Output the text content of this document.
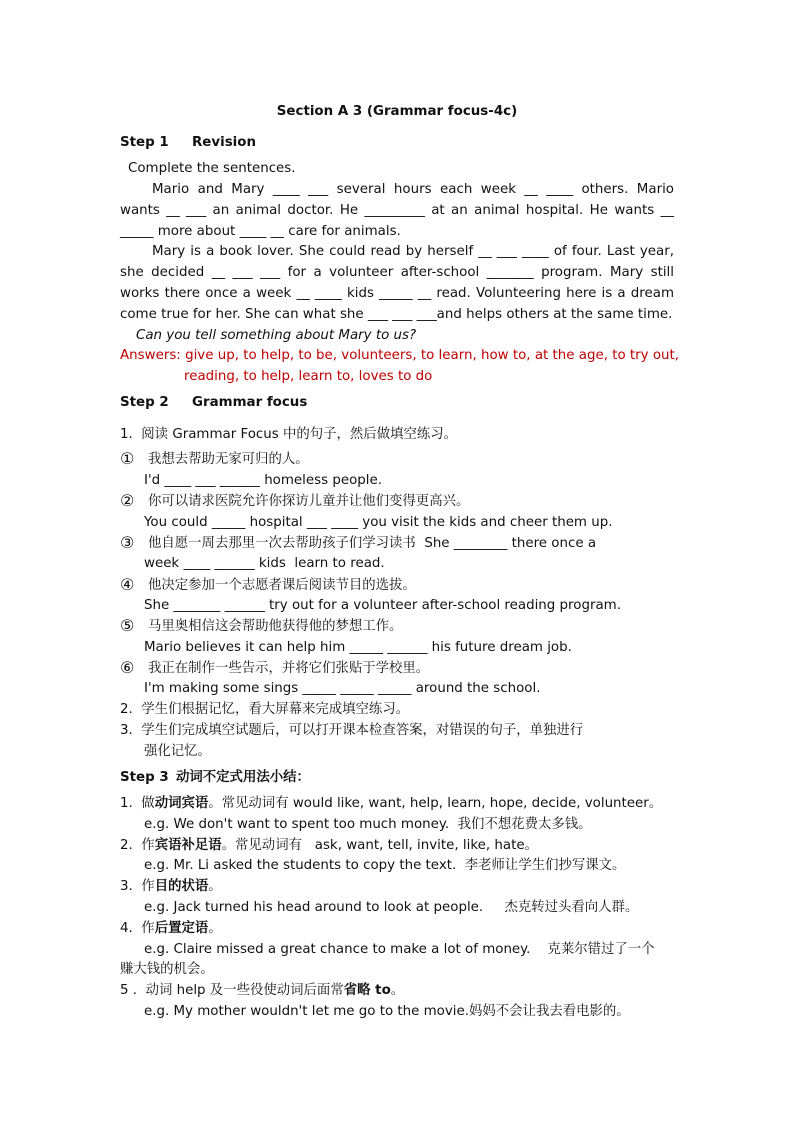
Section A 3 (Grammar focus-4c)
Step 1     Revision
Complete the sentences.
Mario and Mary ____ ___ several hours each week __ ____ others. Mario
wants __ ___ an animal doctor. He _________ at an animal hospital. He wants __
_____ more about ____ __ care for animals.
Mary is a book lover. She could read by herself __ ___ ____ of four. Last year,
she decided __ ___ ___ for a volunteer after-school _______ program. Mary still
works there once a week __ ____ kids _____ __ read. Volunteering here is a dream
come true for her. She can what she ___ ___ ___and helps others at the same time.
Can you tell something about Mary to us?
Answers: give up, to help, to be, volunteers, to learn, how to, at the age, to try out,
reading, to help, learn to, loves to do
Step 2     Grammar focus
1.  阅读 Grammar Focus 中的句子，然后做填空练习。
① 我想去帮助无家可归的人。
I'd ____ ___ ______ homeless people.
② 你可以请求医院允许你探访儿童并让他们变得更高兴。
You could _____ hospital ___ ____ you visit the kids and cheer them up.
③ 他自愿一周去那里一次去帮助孩子们学习读书  She ________ there once a
week ____ ______ kids  learn to read.
④ 他决定参加一个志愿者课后阅读节目的选拔。
She _______ ______ try out for a volunteer after-school reading program.
⑤ 马里奥相信这会帮助他获得他的梦想工作。
Mario believes it can help him _____ ______ his future dream job.
⑥ 我正在制作一些告示，并将它们张贴于学校里。
I'm making some sings _____ _____ _____ around the school.
2.  学生们根据记忆，看大屏幕来完成填空练习。
3.  学生们完成填空试题后，可以打开课本检查答案，对错误的句子，单独进行
强化记忆。
Step 3 动词不定式用法小结：
1. 做动词宾语。常见动词有 would like, want, help, learn, hope, decide, volunteer。
e.g. We don't want to spent too much money.  我们不想花费太多钱。
2. 作宾语补足语。常见动词有   ask, want, tell, invite, like, hate。
e.g. Mr. Li asked the students to copy the text.  李老师让学生们抄写课文。
3. 作目的状语。
e.g. Jack turned his head around to look at people.     杰克转过头看向人群。
4. 作后置定语。
e.g. Claire missed a great chance to make a lot of money.    克莱尔错过了一个
赚大钱的机会。
5 . 动词 help 及一些役使动词后面常省略 to。
e.g. My mother wouldn't let me go to the movie.妈妈不会让我去看电影的。
